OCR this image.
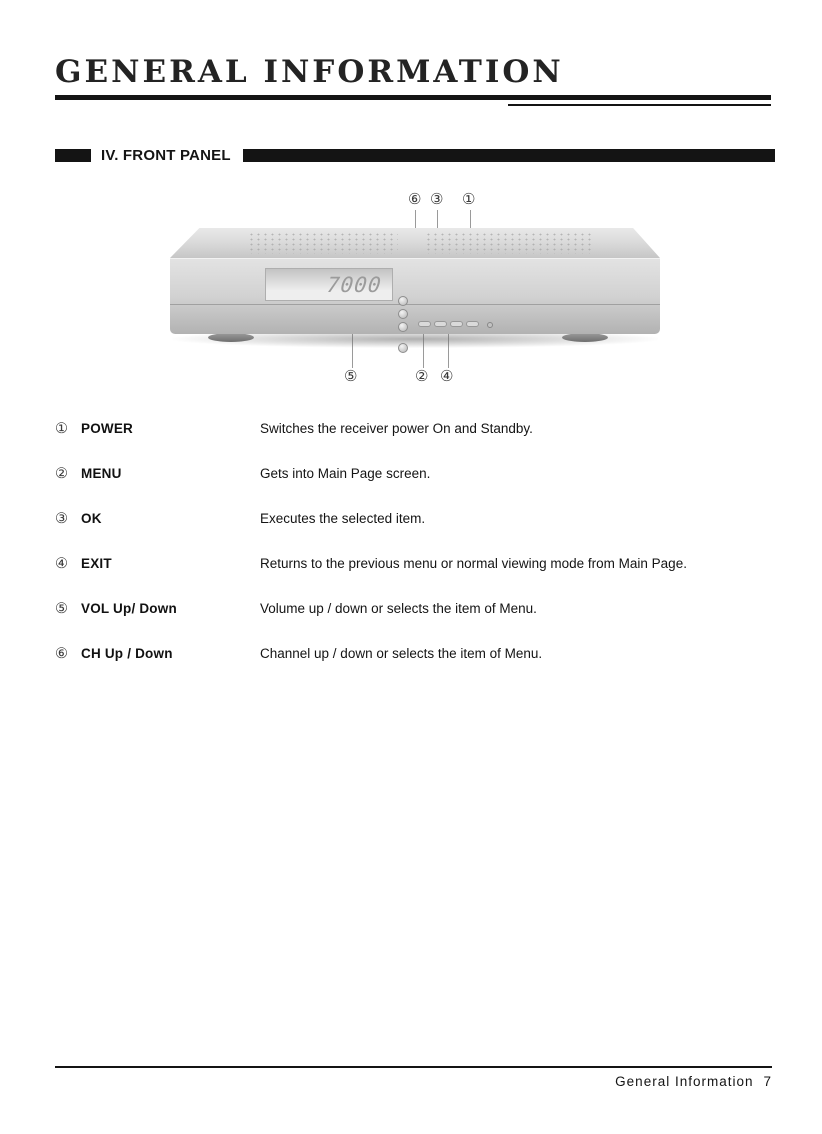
GENERAL INFORMATION
IV. FRONT PANEL
⑥ ③ ①
⑤	② ④
7000
① POWER	Switches the receiver power On and Standby.
② MENU	Gets into Main Page screen.
③ OK	Executes the selected item.
④ EXIT	Returns to the previous menu or normal viewing mode from Main Page.
⑤ VOL Up/ Down	Volume up / down or selects the item of Menu.
⑥ CH Up / Down	Channel up / down or selects the item of Menu.
General Information 7
